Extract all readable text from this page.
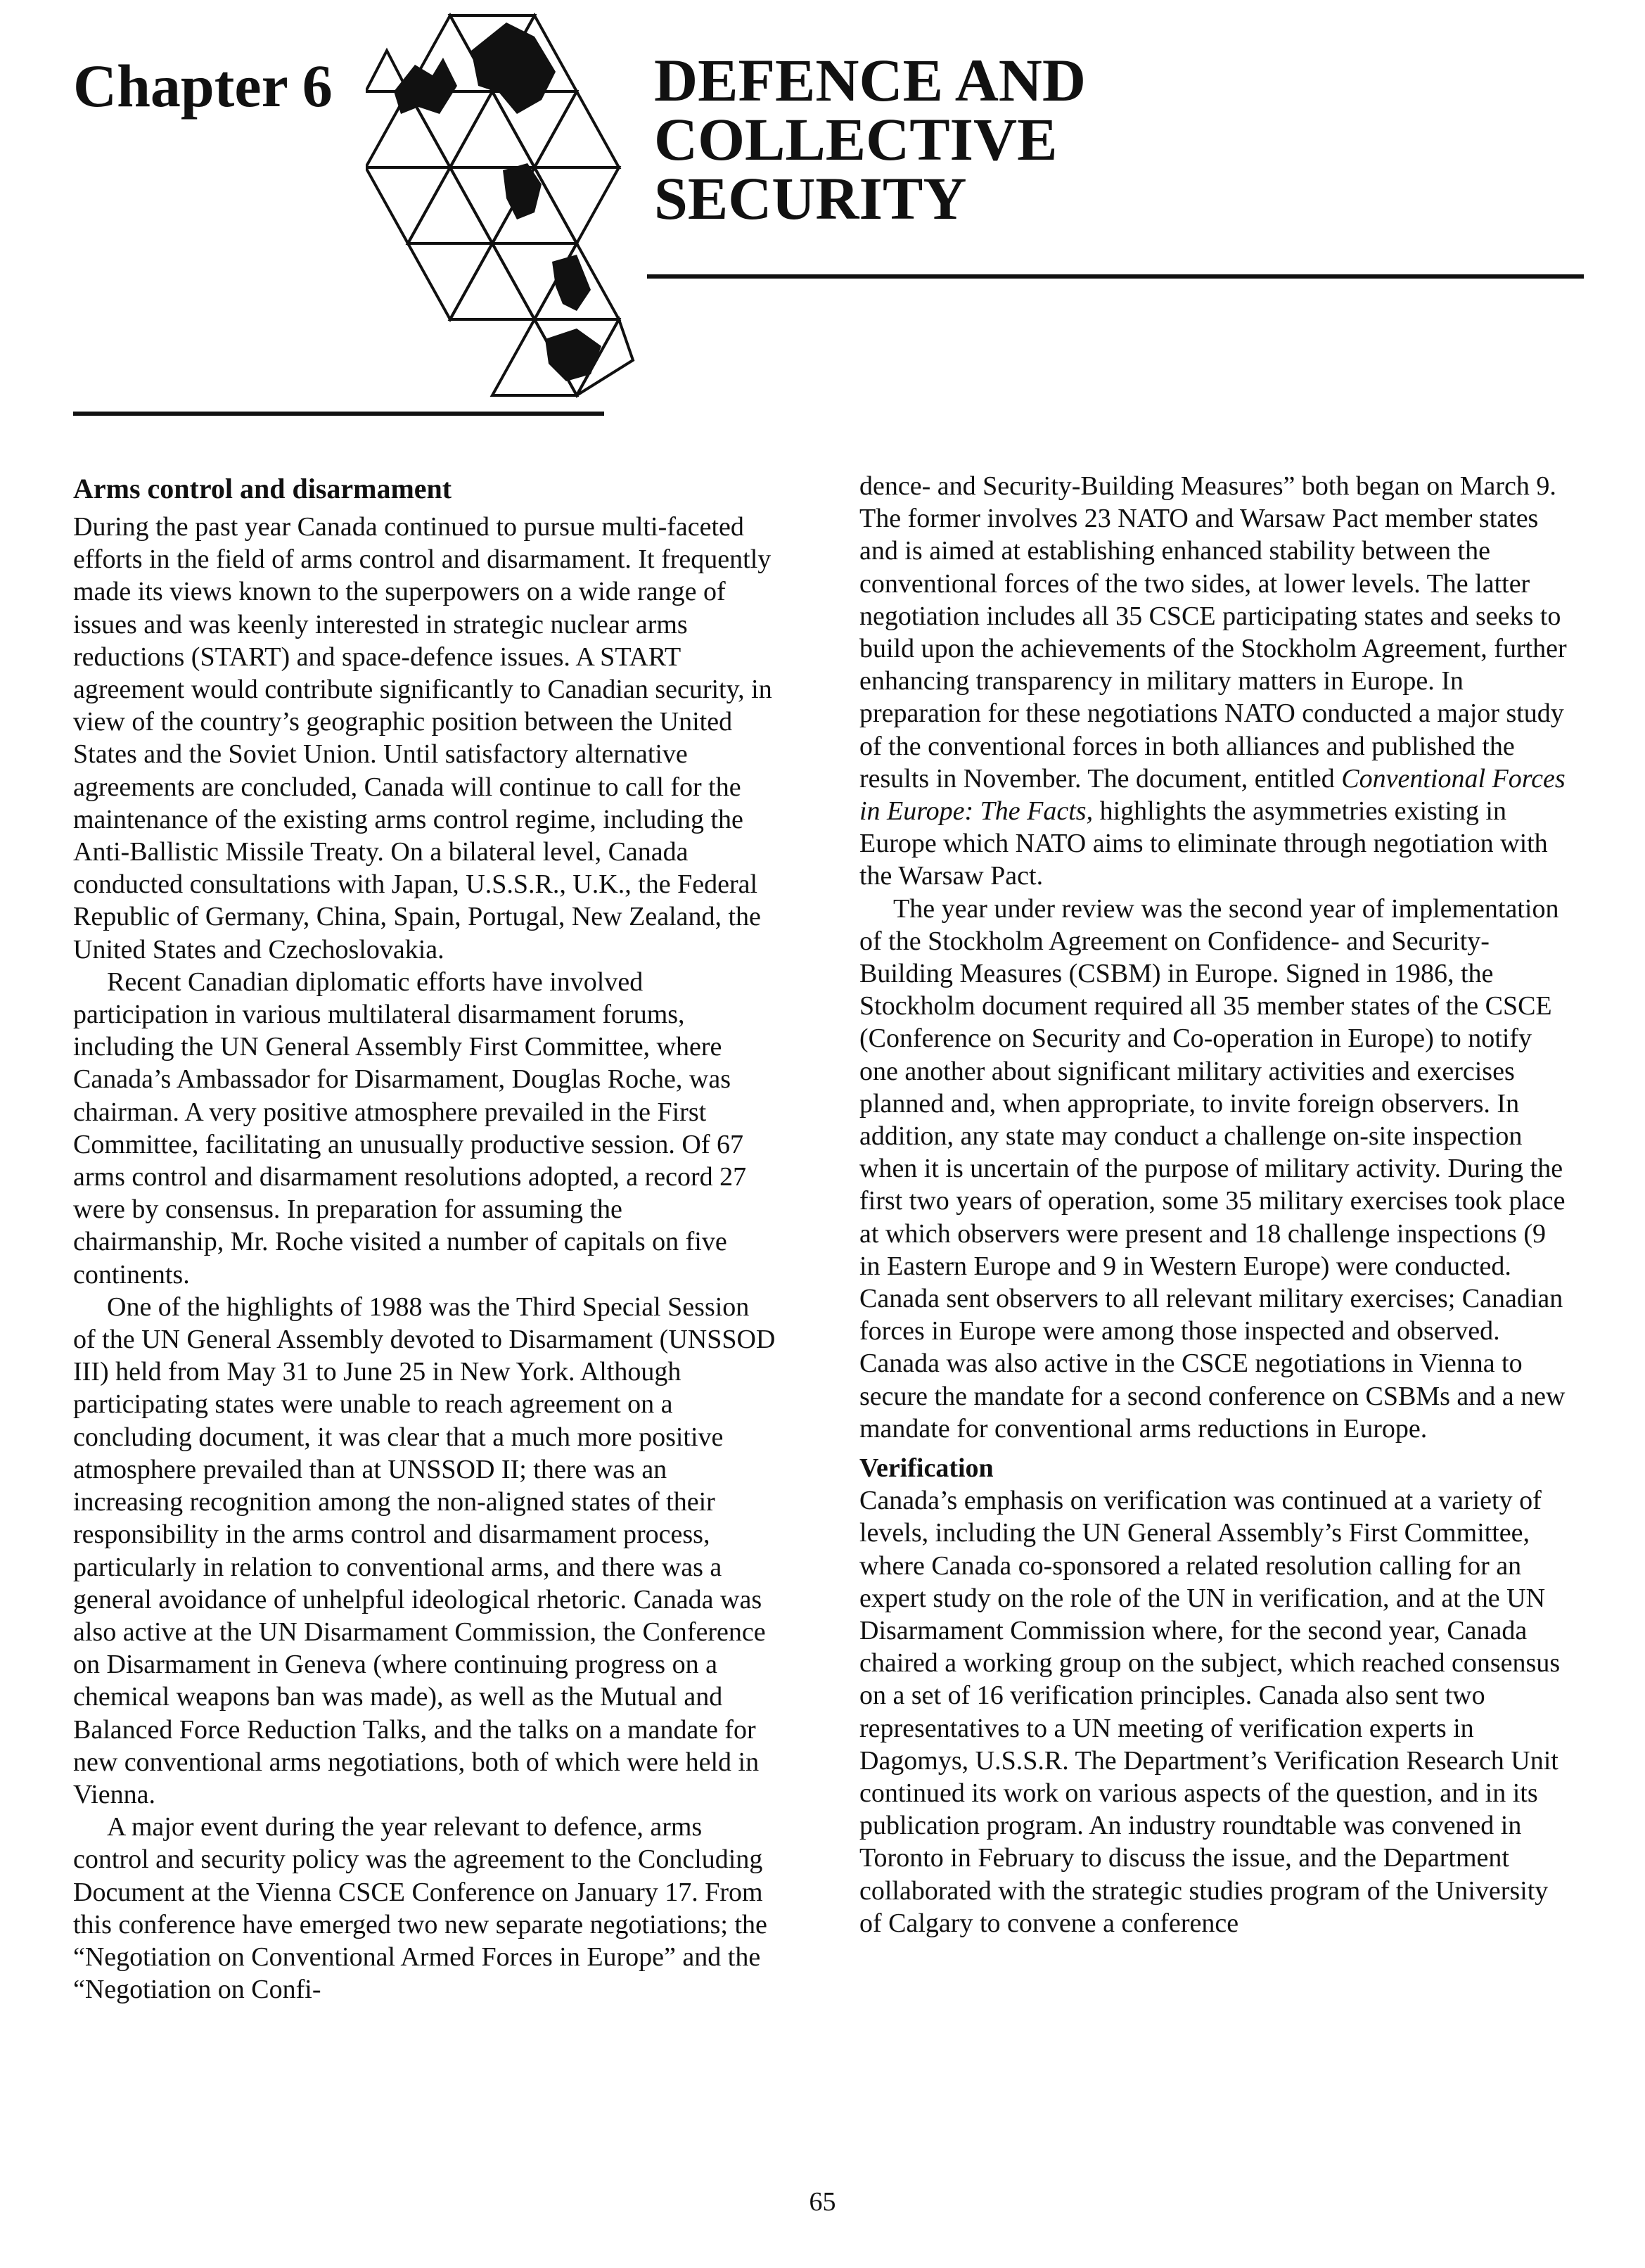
Chapter 6	DEFENCE AND
COLLECTIVE
SECURITY
Arms control and disarmament

During the past year Canada continued to pursue multi-faceted efforts in the field of arms control and disarmament. It frequently made its views known to the superpowers on a wide range of issues and was keenly interested in strategic nuclear arms reductions (START) and space-defence issues. A START agreement would contribute significantly to Canadian security, in view of the country’s geographic position between the United States and the Soviet Union. Until satisfactory alternative agreements are concluded, Canada will continue to call for the maintenance of the existing arms control regime, including the Anti-Ballistic Missile Treaty. On a bilateral level, Canada conducted consultations with Japan, U.S.S.R., U.K., the Federal Republic of Germany, China, Spain, Portugal, New Zealand, the United States and Czechoslovakia.

Recent Canadian diplomatic efforts have involved participation in various multilateral disarmament forums, including the UN General Assembly First Committee, where Canada’s Ambassador for Disarmament, Douglas Roche, was chairman. A very positive atmosphere prevailed in the First Committee, facilitating an unusually productive session. Of 67 arms control and disarmament resolutions adopted, a record 27 were by consensus. In preparation for assuming the chairmanship, Mr. Roche visited a number of capitals on five continents.

One of the highlights of 1988 was the Third Special Session of the UN General Assembly devoted to Disarmament (UNSSOD III) held from May 31 to June 25 in New York. Although participating states were unable to reach agreement on a concluding document, it was clear that a much more positive atmosphere prevailed than at UNSSOD II; there was an increasing recognition among the non-aligned states of their responsibility in the arms control and disarmament process, particularly in relation to conventional arms, and there was a general avoidance of unhelpful ideological rhetoric. Canada was also active at the UN Disarmament Commission, the Conference on Disarmament in Geneva (where continuing progress on a chemical weapons ban was made), as well as the Mutual and Balanced Force Reduction Talks, and the talks on a mandate for new conventional arms negotiations, both of which were held in Vienna.

A major event during the year relevant to defence, arms control and security policy was the agreement to the Concluding Document at the Vienna CSCE Conference on January 17. From this conference have emerged two new separate negotiations; the “Negotiation on Conventional Armed Forces in Europe” and the “Negotiation on Confi-

dence- and Security-Building Measures” both began on March 9. The former involves 23 NATO and Warsaw Pact member states and is aimed at establishing enhanced stability between the conventional forces of the two sides, at lower levels. The latter negotiation includes all 35 CSCE participating states and seeks to build upon the achievements of the Stockholm Agreement, further enhancing transparency in military matters in Europe. In preparation for these negotiations NATO conducted a major study of the conventional forces in both alliances and published the results in November. The document, entitled Conventional Forces in Europe: The Facts, highlights the asymmetries existing in Europe which NATO aims to eliminate through negotiation with the Warsaw Pact.

The year under review was the second year of implementation of the Stockholm Agreement on Confidence- and Security-Building Measures (CSBM) in Europe. Signed in 1986, the Stockholm document required all 35 member states of the CSCE (Conference on Security and Co-operation in Europe) to notify one another about significant military activities and exercises planned and, when appropriate, to invite foreign observers. In addition, any state may conduct a challenge on-site inspection when it is uncertain of the purpose of military activity. During the first two years of operation, some 35 military exercises took place at which observers were present and 18 challenge inspections (9 in Eastern Europe and 9 in Western Europe) were conducted. Canada sent observers to all relevant military exercises; Canadian forces in Europe were among those inspected and observed. Canada was also active in the CSCE negotiations in Vienna to secure the mandate for a second conference on CSBMs and a new mandate for conventional arms reductions in Europe.

Verification

Canada’s emphasis on verification was continued at a variety of levels, including the UN General Assembly’s First Committee, where Canada co-sponsored a related resolution calling for an expert study on the role of the UN in verification, and at the UN Disarmament Commission where, for the second year, Canada chaired a working group on the subject, which reached consensus on a set of 16 verification principles. Canada also sent two representatives to a UN meeting of verification experts in Dagomys, U.S.S.R. The Department’s Verification Research Unit continued its work on various aspects of the question, and in its publication program. An industry roundtable was convened in Toronto in February to discuss the issue, and the Department collaborated with the strategic studies program of the University of Calgary to convene a conference

65
